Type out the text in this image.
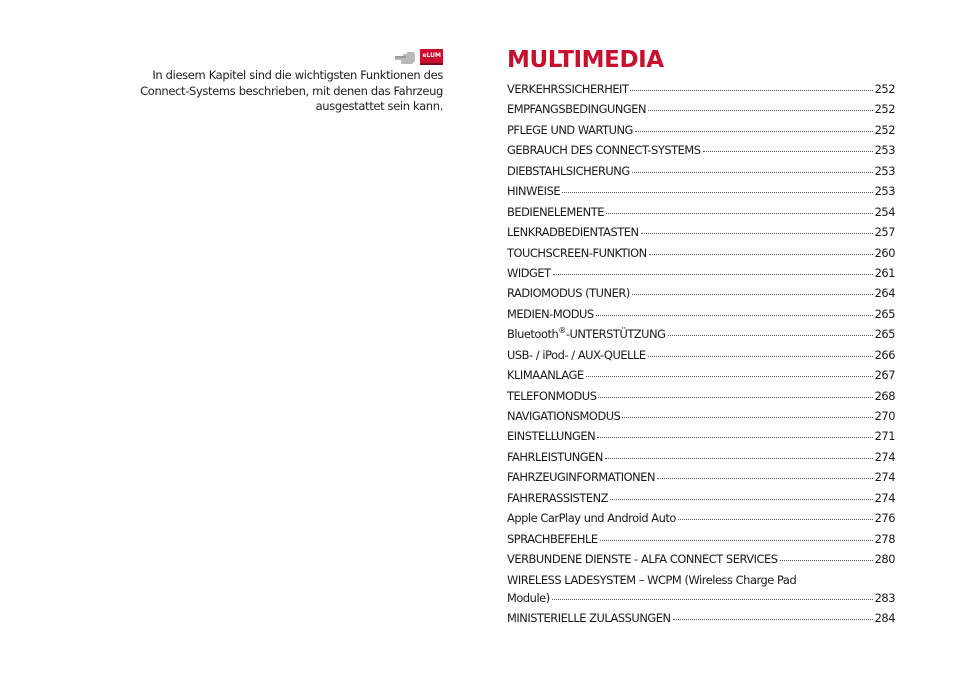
eLUM
In diesem Kapitel sind die wichtigsten Funktionen des
Connect-Systems beschrieben, mit denen das Fahrzeug
ausgestattet sein kann.
MULTIMEDIA
VERKEHRSSICHERHEIT	252
EMPFANGSBEDINGUNGEN	252
PFLEGE UND WARTUNG	252
GEBRAUCH DES CONNECT-SYSTEMS	253
DIEBSTAHLSICHERUNG	253
HINWEISE	253
BEDIENELEMENTE	254
LENKRADBEDIENTASTEN	257
TOUCHSCREEN-FUNKTION	260
WIDGET	261
RADIOMODUS (TUNER)	264
MEDIEN-MODUS	265
Bluetooth®-UNTERSTÜTZUNG	265
USB- / iPod- / AUX-QUELLE	266
KLIMAANLAGE	267
TELEFONMODUS	268
NAVIGATIONSMODUS	270
EINSTELLUNGEN	271
FAHRLEISTUNGEN	274
FAHRZEUGINFORMATIONEN	274
FAHRERASSISTENZ	274
Apple CarPlay und Android Auto	276
SPRACHBEFEHLE	278
VERBUNDENE DIENSTE - ALFA CONNECT SERVICES	280
WIRELESS LADESYSTEM – WCPM (Wireless Charge Pad
Module)	283
MINISTERIELLE ZULASSUNGEN	284
